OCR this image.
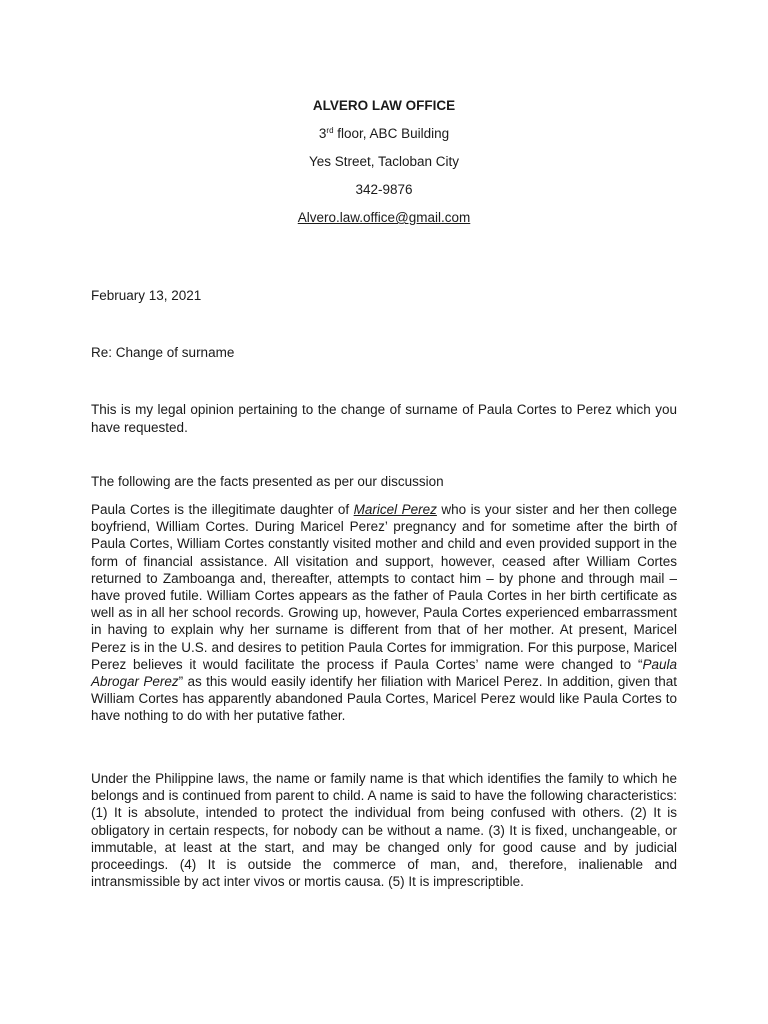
ALVERO LAW OFFICE
3rd floor, ABC Building
Yes Street, Tacloban City
342-9876
Alvero.law.office@gmail.com
February 13, 2021
Re: Change of surname
This is my legal opinion pertaining to the change of surname of Paula Cortes to Perez which you have requested.
The following are the facts presented as per our discussion
Paula Cortes is the illegitimate daughter of Maricel Perez who is your sister and her then college boyfriend, William Cortes. During Maricel Perez’ pregnancy and for sometime after the birth of Paula Cortes, William Cortes constantly visited mother and child and even provided support in the form of financial assistance. All visitation and support, however, ceased after William Cortes returned to Zamboanga and, thereafter, attempts to contact him – by phone and through mail – have proved futile. William Cortes appears as the father of Paula Cortes in her birth certificate as well as in all her school records. Growing up, however, Paula Cortes experienced embarrassment in having to explain why her surname is different from that of her mother. At present, Maricel Perez is in the U.S. and desires to petition Paula Cortes for immigration. For this purpose, Maricel Perez believes it would facilitate the process if Paula Cortes’ name were changed to “Paula Abrogar Perez” as this would easily identify her filiation with Maricel Perez. In addition, given that William Cortes has apparently abandoned Paula Cortes, Maricel Perez would like Paula Cortes to have nothing to do with her putative father.
Under the Philippine laws, the name or family name is that which identifies the family to which he belongs and is continued from parent to child. A name is said to have the following characteristics: (1) It is absolute, intended to protect the individual from being confused with others. (2) It is obligatory in certain respects, for nobody can be without a name. (3) It is fixed, unchangeable, or immutable, at least at the start, and may be changed only for good cause and by judicial proceedings. (4) It is outside the commerce of man, and, therefore, inalienable and intransmissible by act inter vivos or mortis causa. (5) It is imprescriptible.
